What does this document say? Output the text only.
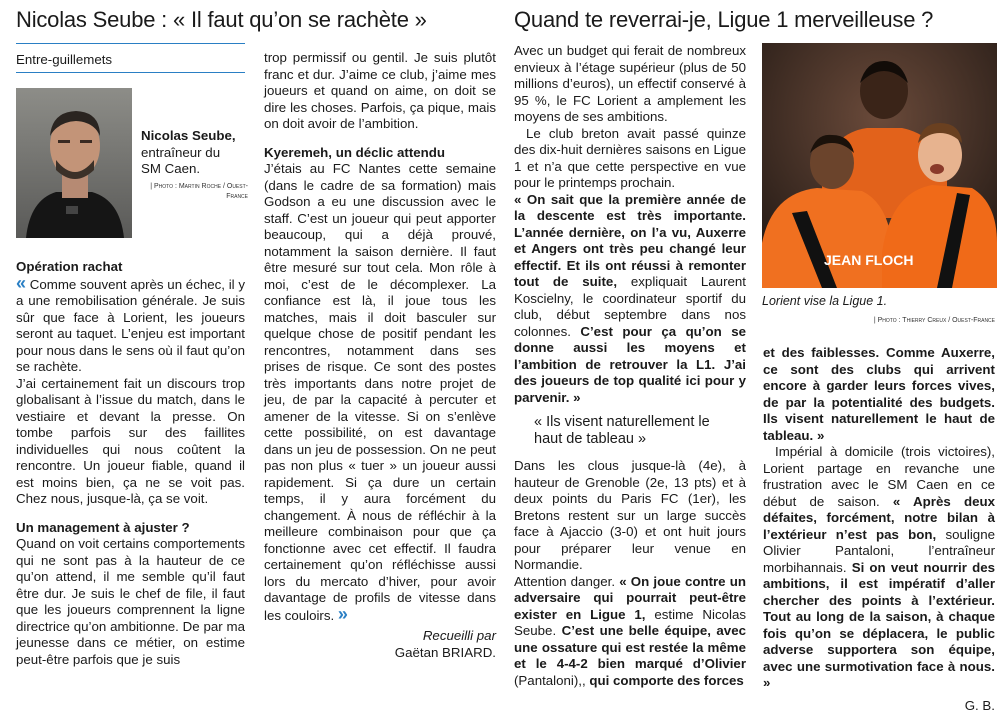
Nicolas Seube : « Il faut qu’on se rachète »	Quand te reverrai-je, Ligue 1 merveilleuse ?
Entre-guillemets
Nicolas Seube,
entraîneur du SM Caen.
| Photo : Martin Roche / Ouest-France

Opération rachat

« Comme souvent après un échec, il y a une remobilisation générale. Je suis sûr que face à Lorient, les joueurs seront au taquet. L’enjeu est important pour nous dans le sens où il faut qu’on se rachète.

J’ai certainement fait un discours trop globalisant à l’issue du match, dans le vestiaire et devant la presse. On tombe parfois sur des faillites individuelles qui nous coûtent la rencontre. Un joueur fiable, quand il est moins bien, ça ne se voit pas. Chez nous, jusque-là, ça se voit.

Un management à ajuster ?

Quand on voit certains comportements qui ne sont pas à la hauteur de ce qu’on attend, il me semble qu’il faut être dur. Je suis le chef de file, il faut que les joueurs comprennent la ligne directrice qu’on ambitionne. De par ma jeunesse dans ce métier, on estime peut-être parfois que je suis

trop permissif ou gentil. Je suis plutôt franc et dur. J’aime ce club, j’aime mes joueurs et quand on aime, on doit se dire les choses. Parfois, ça pique, mais on doit avoir de l’ambition.

Kyeremeh, un déclic attendu

J’étais au FC Nantes cette semaine (dans le cadre de sa formation) mais Godson a eu une discussion avec le staff. C’est un joueur qui peut apporter beaucoup, qui a déjà prouvé, notamment la saison dernière. Il faut être mesuré sur tout cela. Mon rôle à moi, c’est de le décomplexer. La confiance est là, il joue tous les matches, mais il doit basculer sur quelque chose de positif pendant les rencontres, notamment dans ses prises de risque. Ce sont des postes très importants dans notre projet de jeu, de par la capacité à percuter et amener de la vitesse. Si on s’enlève cette possibilité, on est davantage dans un jeu de possession. On ne peut pas non plus « tuer » un joueur aussi rapidement. Si ça dure un certain temps, il y aura forcément du changement. À nous de réfléchir à la meilleure combinaison pour que ça fonctionne avec cet effectif. Il faudra certainement qu’on réfléchisse aussi lors du mercato d’hiver, pour avoir davantage de profils de vitesse dans les couloirs. »

Recueilli par

Gaëtan BRIARD.

Avec un budget qui ferait de nombreux envieux à l’étage supérieur (plus de 50 millions d’euros), un effectif conservé à 95 %, le FC Lorient a amplement les moyens de ses ambitions.

Le club breton avait passé quinze des dix-huit dernières saisons en Ligue 1 et n’a que cette perspective en vue pour le printemps prochain.

« On sait que la première année de la descente est très importante. L’année dernière, on l’a vu, Auxerre et Angers ont très peu changé leur effectif. Et ils ont réussi à remonter tout de suite, expliquait Laurent Koscielny, le coordinateur sportif du club, début septembre dans nos colonnes. C’est pour ça qu’on se donne aussi les moyens et l’ambition de retrouver la L1. J’ai des joueurs de top qualité ici pour y parvenir. »

« Ils visent naturellement le haut de tableau »

Dans les clous jusque-là (4e), à hauteur de Grenoble (2e, 13 pts) et à deux points du Paris FC (1er), les Bretons restent sur un large succès face à Ajaccio (3-0) et ont huit jours pour préparer leur venue en Normandie.

Attention danger. « On joue contre un adversaire qui pourrait peut-être exister en Ligue 1, estime Nicolas Seube. C’est une belle équipe, avec une ossature qui est restée la même et le 4-4-2 bien marqué d’Olivier (Pantaloni),, qui comporte des forces

JEAN FLOCH
Lorient vise la Ligue 1.
| Photo : Thierry Creux / Ouest-France

et des faiblesses. Comme Auxerre, ce sont des clubs qui arrivent encore à garder leurs forces vives, de par la potentialité des budgets. Ils visent naturellement le haut de tableau. »

Impérial à domicile (trois victoires), Lorient partage en revanche une frustration avec le SM Caen en ce début de saison. « Après deux défaites, forcément, notre bilan à l’extérieur n’est pas bon, souligne Olivier Pantaloni, l’entraîneur morbihannais. Si on veut nourrir des ambitions, il est impératif d’aller chercher des points à l’extérieur. Tout au long de la saison, à chaque fois qu’on se déplacera, le public adverse supportera son équipe, avec une surmotivation face à nous. »

G. B.
